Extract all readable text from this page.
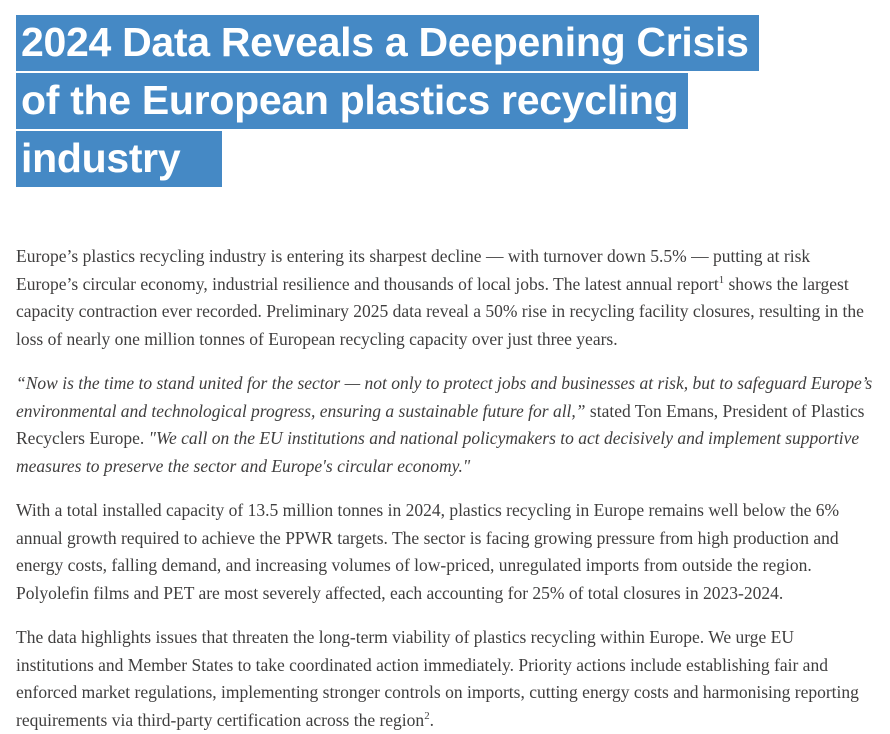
2024 Data Reveals a Deepening Crisis
of the European plastics recycling
industry

Europe’s plastics recycling industry is entering its sharpest decline — with turnover down 5.5% — putting at risk Europe’s circular economy, industrial resilience and thousands of local jobs. The latest annual report$^1$ shows the largest capacity contraction ever recorded. Preliminary 2025 data reveal a 50% rise in recycling facility closures, resulting in the loss of nearly one million tonnes of European recycling capacity over just three years.

“Now is the time to stand united for the sector — not only to protect jobs and businesses at risk, but to safeguard Europe’s environmental and technological progress, ensuring a sustainable future for all,” stated Ton Emans, President of Plastics Recyclers Europe. "We call on the EU institutions and national policymakers to act decisively and implement supportive measures to preserve the sector and Europe's circular economy."

With a total installed capacity of 13.5 million tonnes in 2024, plastics recycling in Europe remains well below the 6% annual growth required to achieve the PPWR targets. The sector is facing growing pressure from high production and energy costs, falling demand, and increasing volumes of low-priced, unregulated imports from outside the region. Polyolefin films and PET are most severely affected, each accounting for 25% of total closures in 2023-2024.

The data highlights issues that threaten the long-term viability of plastics recycling within Europe. We urge EU institutions and Member States to take coordinated action immediately. Priority actions include establishing fair and enforced market regulations, implementing stronger controls on imports, cutting energy costs and harmonising reporting requirements via third-party certification across the region$^2$.
